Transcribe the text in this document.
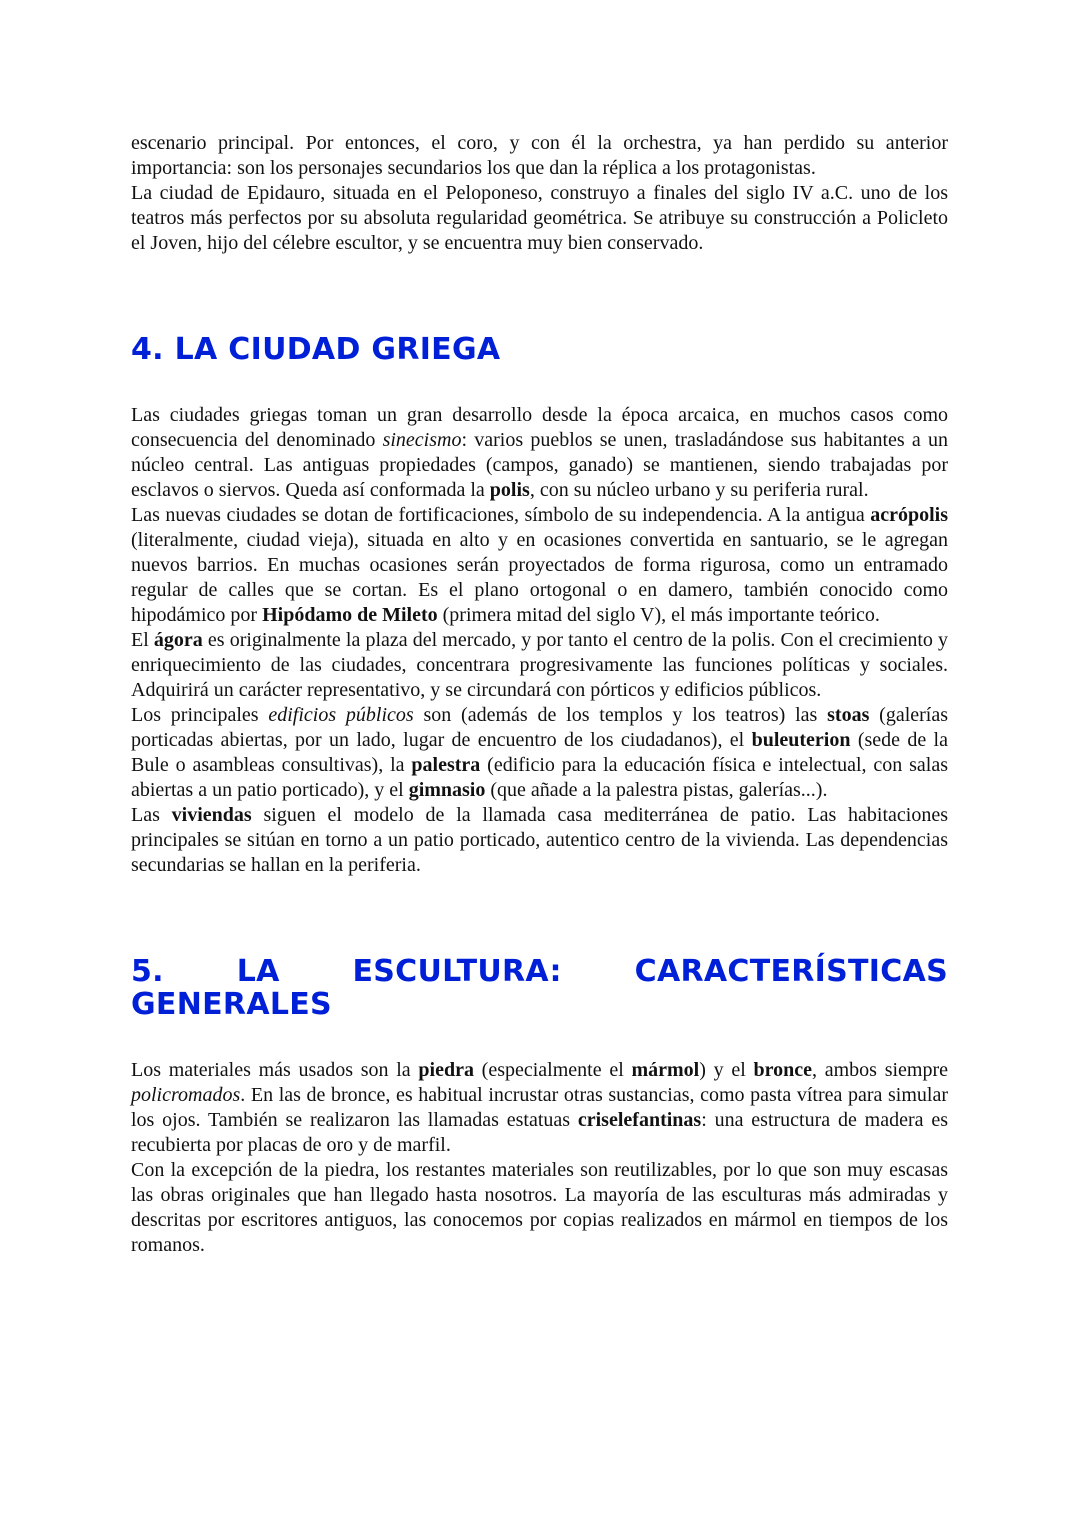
escenario principal. Por entonces, el coro, y con él la orchestra, ya han perdido su anterior importancia: son los personajes secundarios los que dan la réplica a los protagonistas.

La ciudad de Epidauro, situada en el Peloponeso, construyo a finales del siglo IV a.C. uno de los teatros más perfectos por su absoluta regularidad geométrica. Se atribuye su construcción a Policleto el Joven, hijo del célebre escultor, y se encuentra muy bien conservado.

4. LA CIUDAD GRIEGA

Las ciudades griegas toman un gran desarrollo desde la época arcaica, en muchos casos como consecuencia del denominado sinecismo: varios pueblos se unen, trasladándose sus habitantes a un núcleo central. Las antiguas propiedades (campos, ganado) se mantienen, siendo trabajadas por esclavos o siervos. Queda así conformada la polis, con su núcleo urbano y su periferia rural.

Las nuevas ciudades se dotan de fortificaciones, símbolo de su independencia. A la antigua acrópolis (literalmente, ciudad vieja), situada en alto y en ocasiones convertida en santuario, se le agregan nuevos barrios. En muchas ocasiones serán proyectados de forma rigurosa, como un entramado regular de calles que se cortan. Es el plano ortogonal o en damero, también conocido como hipodámico por Hipódamo de Mileto (primera mitad del siglo V), el más importante teórico.

El ágora es originalmente la plaza del mercado, y por tanto el centro de la polis. Con el crecimiento y enriquecimiento de las ciudades, concentrara progresivamente las funciones políticas y sociales. Adquirirá un carácter representativo, y se circundará con pórticos y edificios públicos.

Los principales edificios públicos son (además de los templos y los teatros) las stoas (galerías porticadas abiertas, por un lado, lugar de encuentro de los ciudadanos), el buleuterion (sede de la Bule o asambleas consultivas), la palestra (edificio para la educación física e intelectual, con salas abiertas a un patio porticado), y el gimnasio (que añade a la palestra pistas, galerías...).

Las viviendas siguen el modelo de la llamada casa mediterránea de patio. Las habitaciones principales se sitúan en torno a un patio porticado, autentico centro de la vivienda. Las dependencias secundarias se hallan en la periferia.

5. LA ESCULTURA: CARACTERÍSTICAS
GENERALES

Los materiales más usados son la piedra (especialmente el mármol) y el bronce, ambos siempre policromados. En las de bronce, es habitual incrustar otras sustancias, como pasta vítrea para simular los ojos. También se realizaron las llamadas estatuas criselefantinas: una estructura de madera es recubierta por placas de oro y de marfil.

Con la excepción de la piedra, los restantes materiales son reutilizables, por lo que son muy escasas las obras originales que han llegado hasta nosotros. La mayoría de las esculturas más admiradas y descritas por escritores antiguos, las conocemos por copias realizados en mármol en tiempos de los romanos.
